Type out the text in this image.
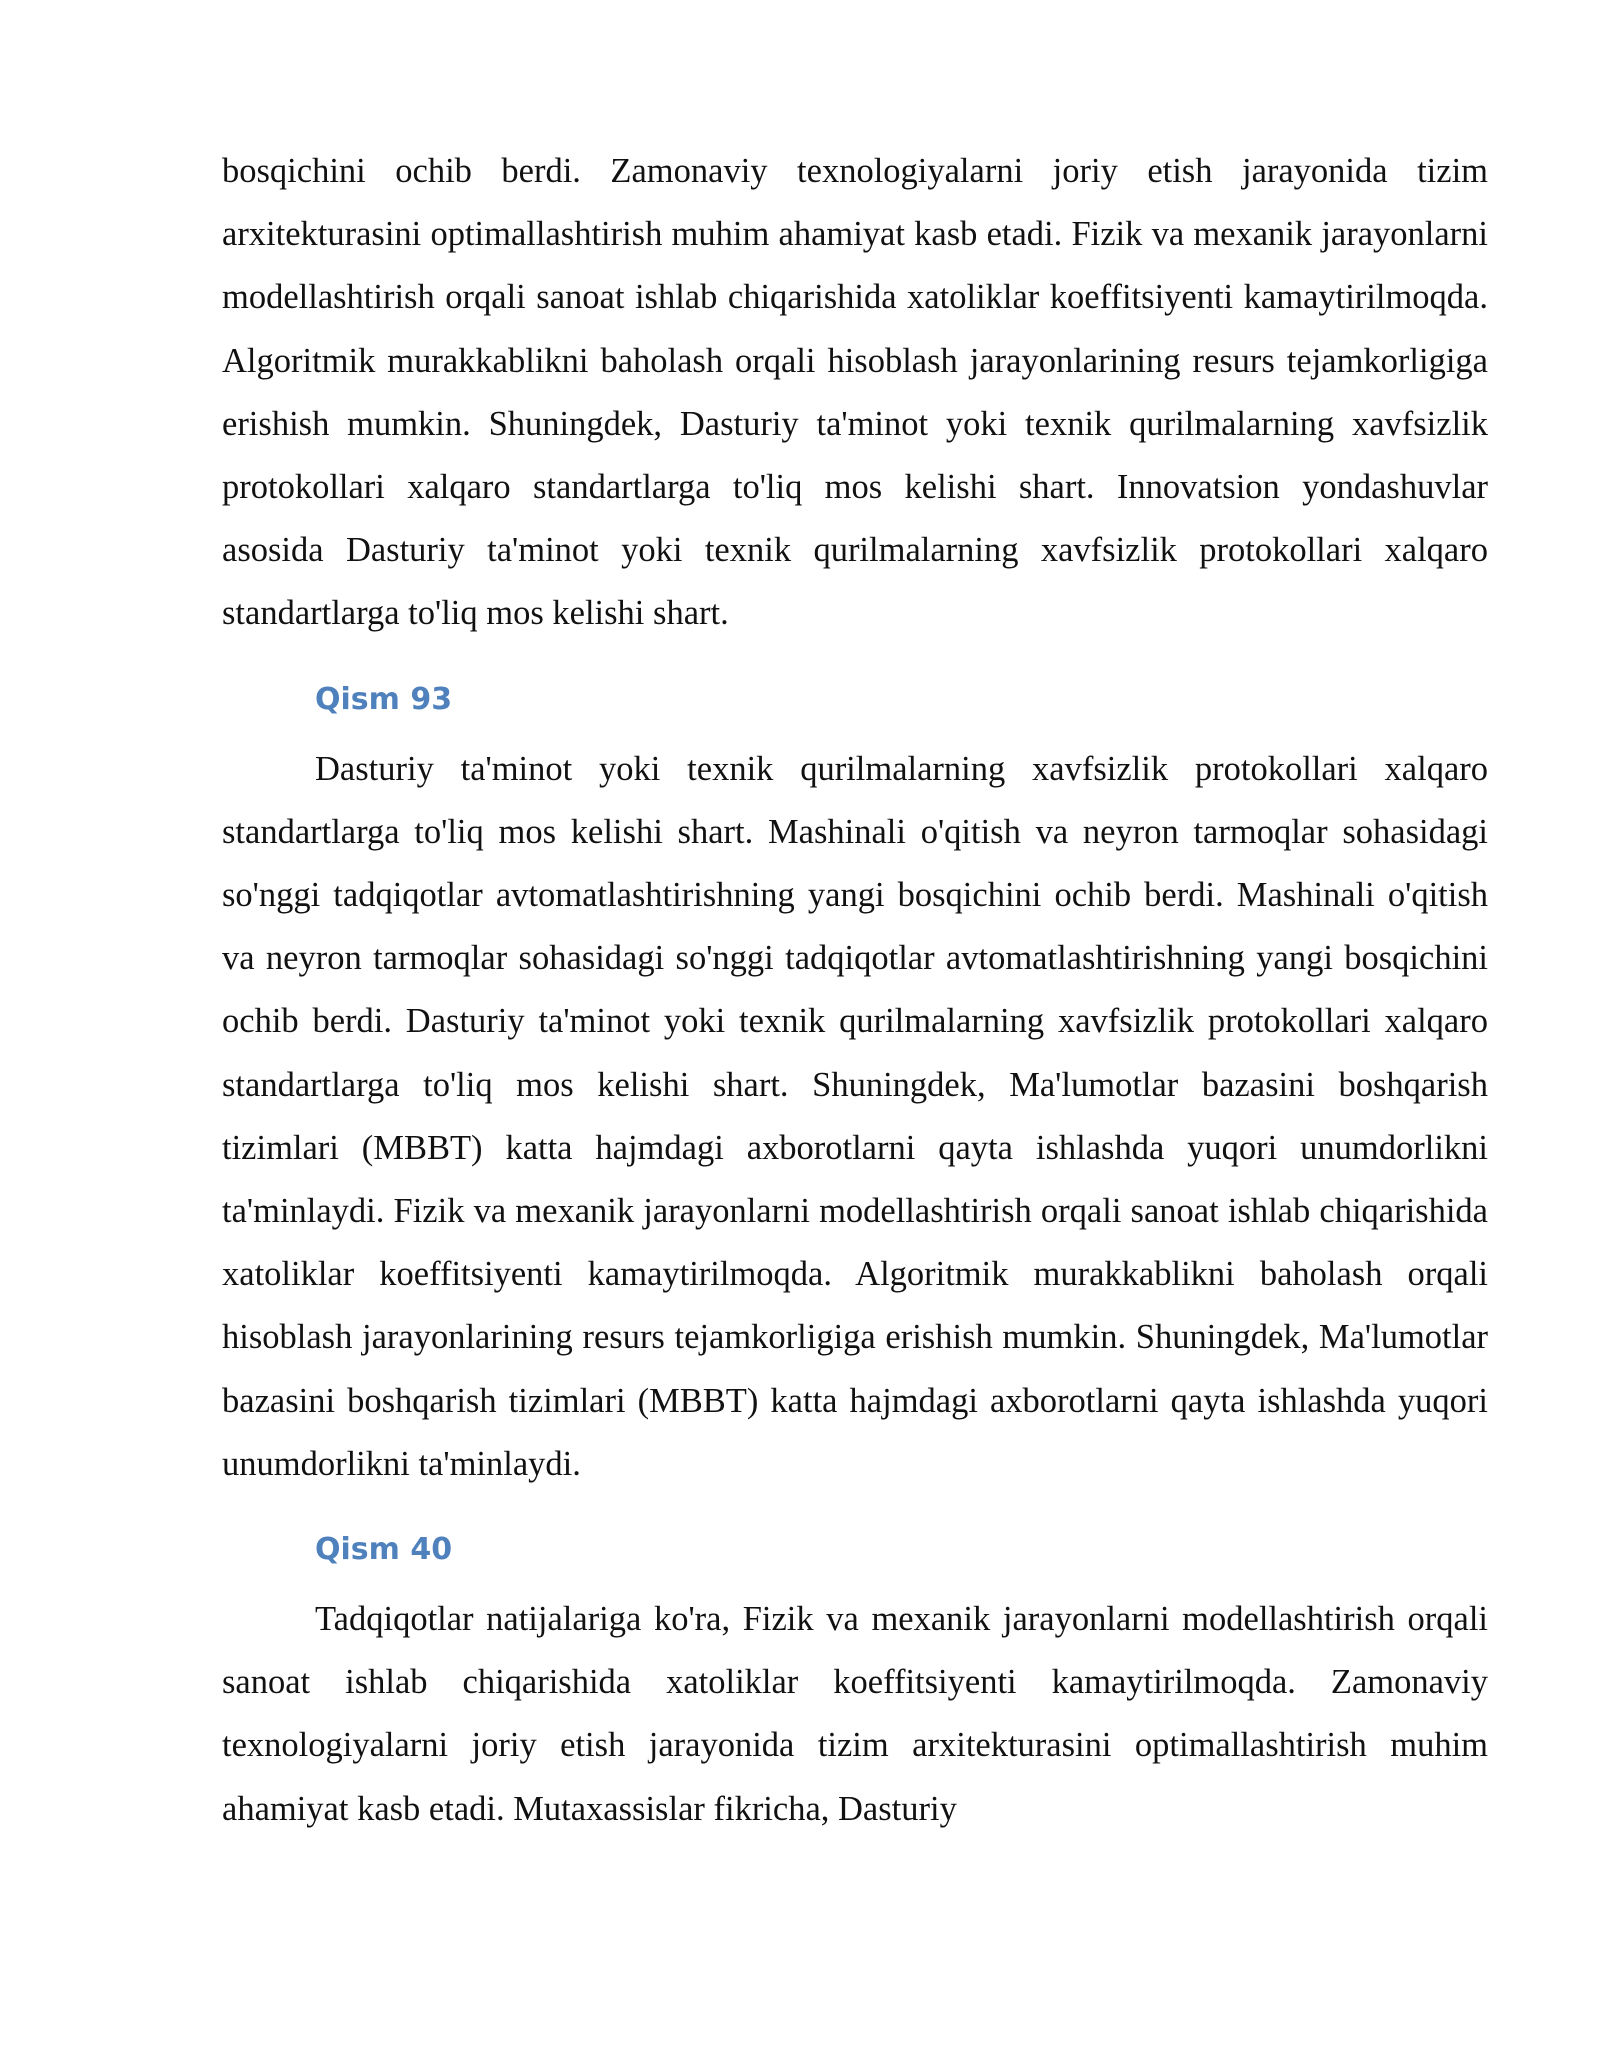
bosqichini ochib berdi. Zamonaviy texnologiyalarni joriy etish jarayonida tizim arxitekturasini optimallashtirish muhim ahamiyat kasb etadi. Fizik va mexanik jarayonlarni modellashtirish orqali sanoat ishlab chiqarishida xatoliklar koeffitsiyenti kamaytirilmoqda. Algoritmik murakkablikni baholash orqali hisoblash jarayonlarining resurs tejamkorligiga erishish mumkin. Shuningdek, Dasturiy ta'minot yoki texnik qurilmalarning xavfsizlik protokollari xalqaro standartlarga to'liq mos kelishi shart. Innovatsion yondashuvlar asosida Dasturiy ta'minot yoki texnik qurilmalarning xavfsizlik protokollari xalqaro standartlarga to'liq mos kelishi shart.

Qism 93

Dasturiy ta'minot yoki texnik qurilmalarning xavfsizlik protokollari xalqaro standartlarga to'liq mos kelishi shart. Mashinali o'qitish va neyron tarmoqlar sohasidagi so'nggi tadqiqotlar avtomatlashtirishning yangi bosqichini ochib berdi. Mashinali o'qitish va neyron tarmoqlar sohasidagi so'nggi tadqiqotlar avtomatlashtirishning yangi bosqichini ochib berdi. Dasturiy ta'minot yoki texnik qurilmalarning xavfsizlik protokollari xalqaro standartlarga to'liq mos kelishi shart. Shuningdek, Ma'lumotlar bazasini boshqarish tizimlari (MBBT) katta hajmdagi axborotlarni qayta ishlashda yuqori unumdorlikni ta'minlaydi. Fizik va mexanik jarayonlarni modellashtirish orqali sanoat ishlab chiqarishida xatoliklar koeffitsiyenti kamaytirilmoqda. Algoritmik murakkablikni baholash orqali hisoblash jarayonlarining resurs tejamkorligiga erishish mumkin. Shuningdek, Ma'lumotlar bazasini boshqarish tizimlari (MBBT) katta hajmdagi axborotlarni qayta ishlashda yuqori unumdorlikni ta'minlaydi.

Qism 40

Tadqiqotlar natijalariga ko'ra, Fizik va mexanik jarayonlarni modellashtirish orqali sanoat ishlab chiqarishida xatoliklar koeffitsiyenti kamaytirilmoqda. Zamonaviy texnologiyalarni joriy etish jarayonida tizim arxitekturasini optimallashtirish muhim ahamiyat kasb etadi. Mutaxassislar fikricha, Dasturiy
